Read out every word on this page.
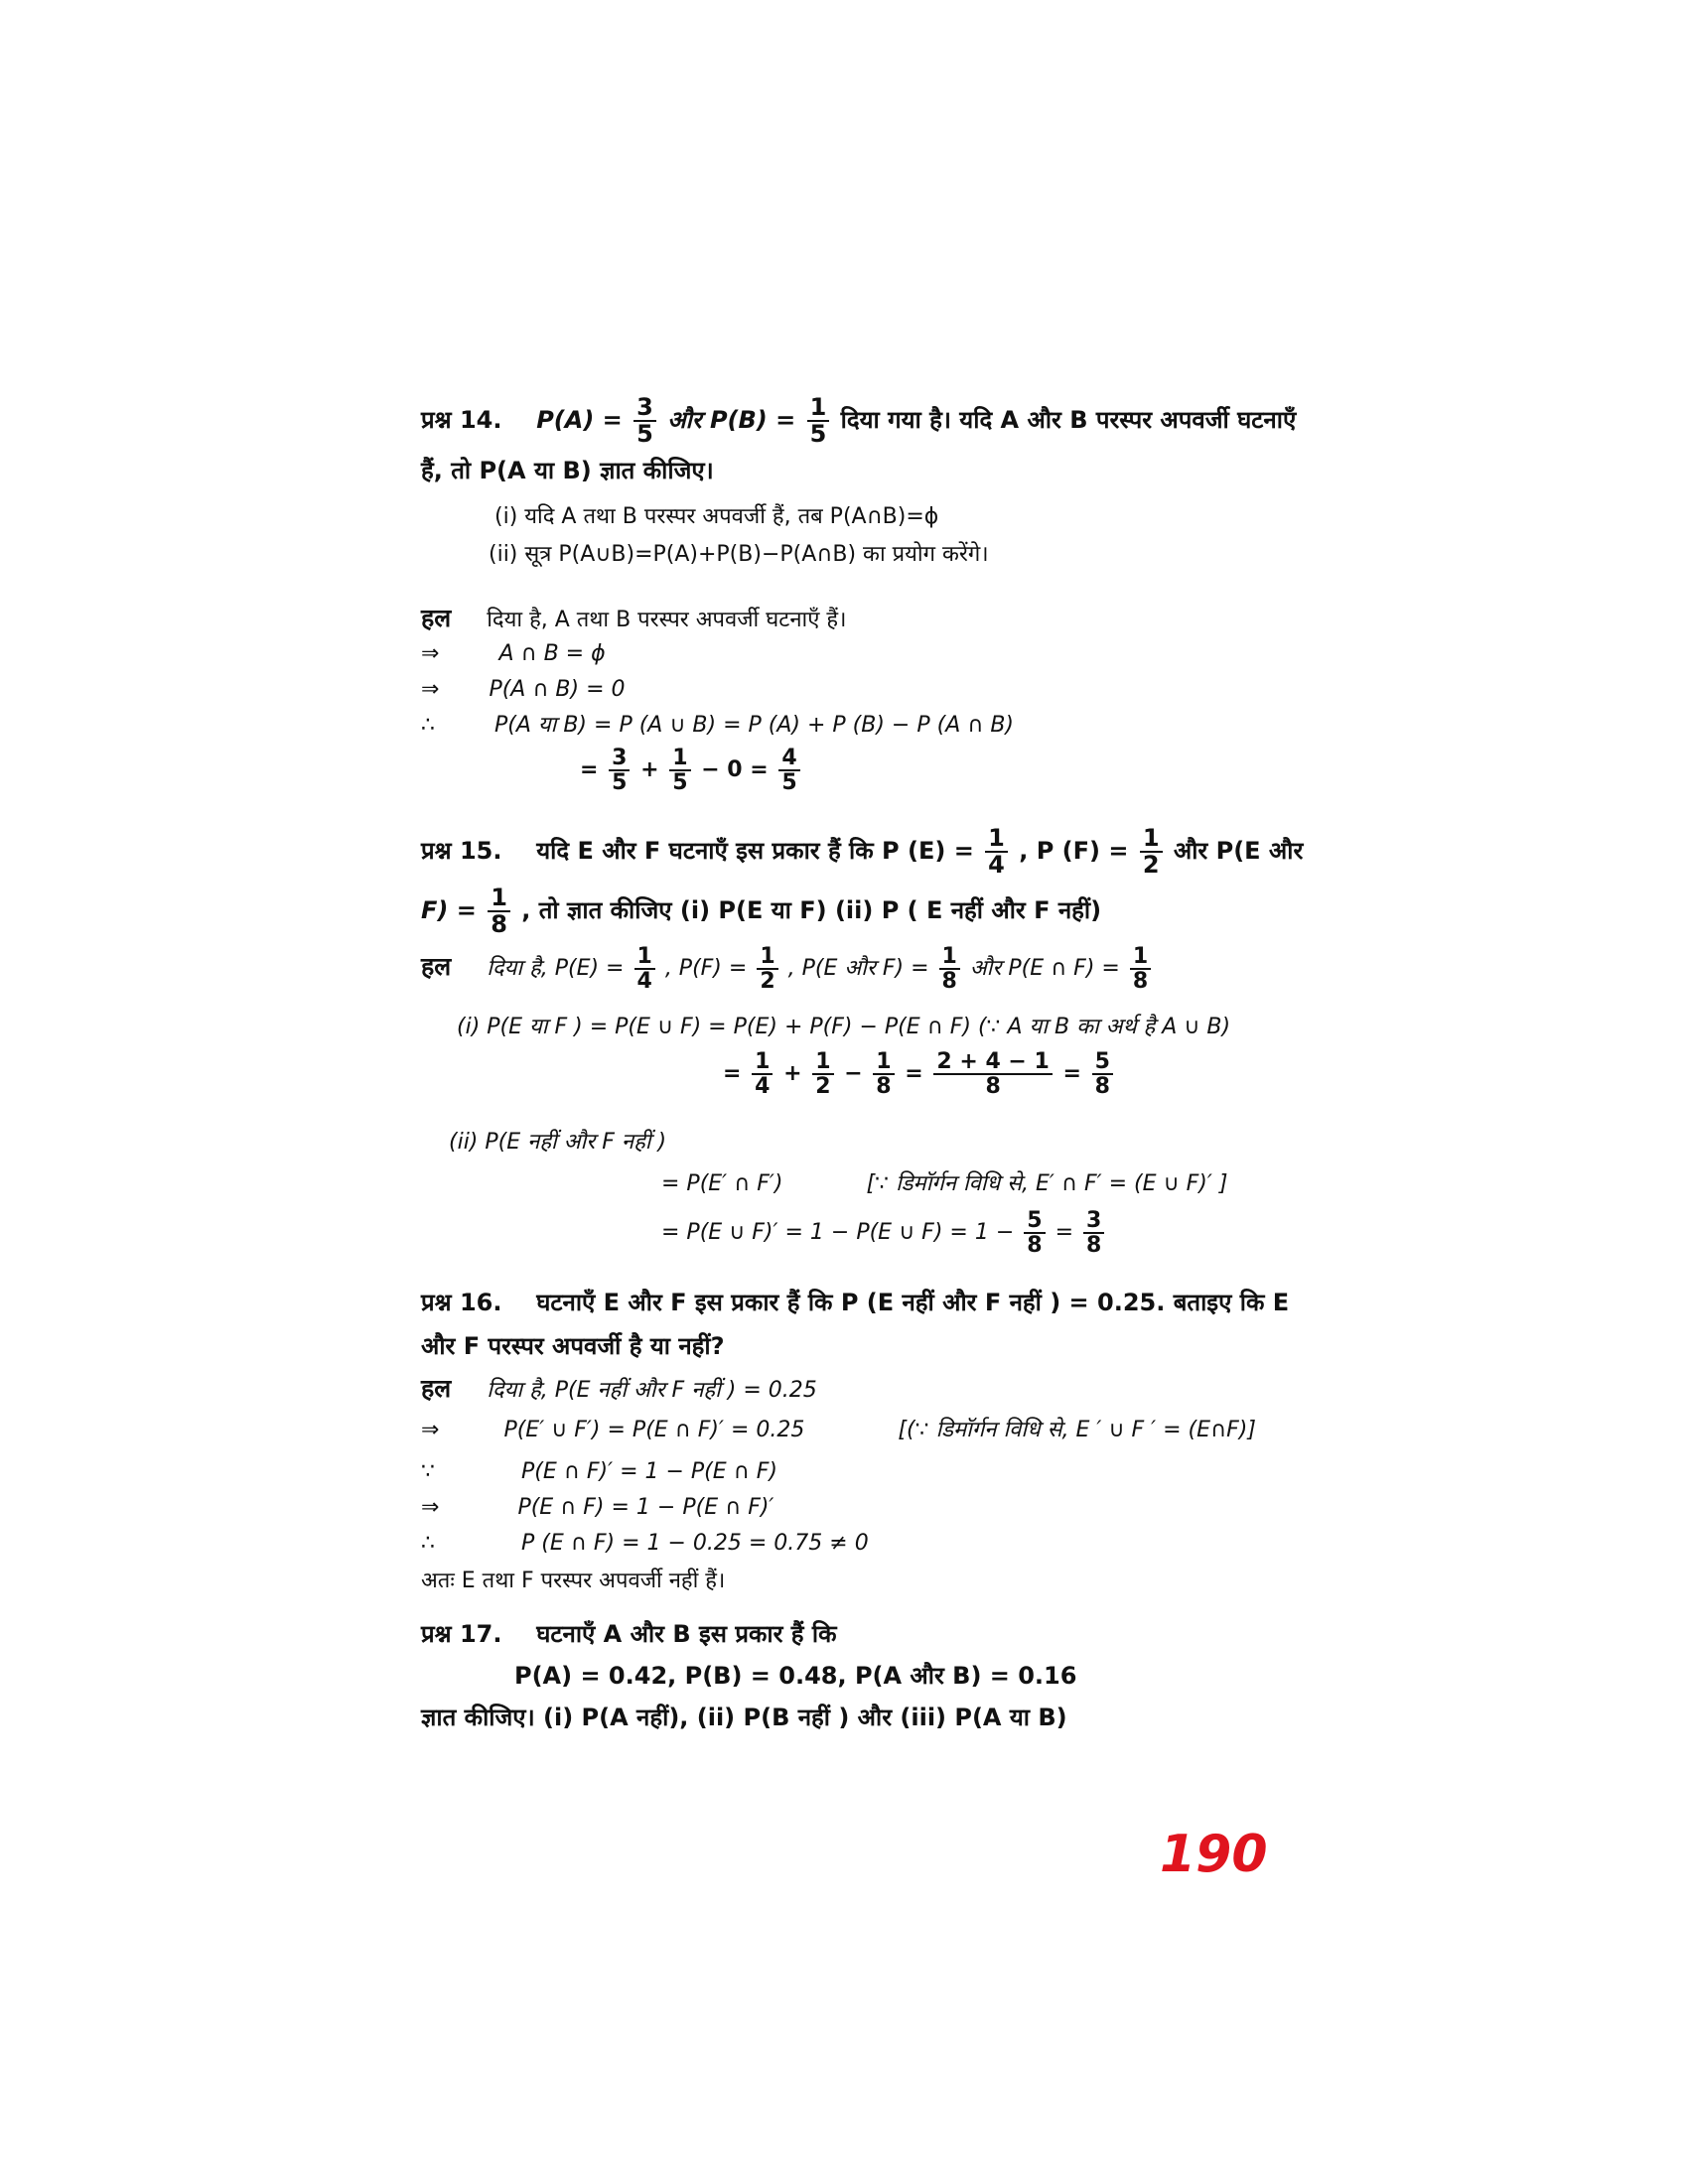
प्रश्न 14. $P(A) = \frac{3}{5}$ और $P(B) = \frac{1}{5}$ दिया गया है। यदि A और B परस्पर अपवर्जी घटनाएँ
हैं, तो P(A या B) ज्ञात कीजिए।
(i) यदि A तथा B परस्पर अपवर्जी हैं, तब P(A∩B)=ϕ
(ii) सूत्र P(A∪B)=P(A)+P(B)−P(A∩B) का प्रयोग करेंगे।
हल दिया है, A तथा B परस्पर अपवर्जी घटनाएँ हैं।
⇒	A ∩ B = ϕ
⇒ P(A ∩ B) = 0
∴	P(A या B) = P (A ∪ B) = P (A) + P (B) − P (A ∩ B)
= $\frac{3}{5} + \frac{1}{5} - 0 = \frac{4}{5}$
प्रश्न 15. यदि E और F घटनाएँ इस प्रकार हैं कि P $(E) = \frac{1}{4}$ , P $(F) = \frac{1}{2}$ और P(E और
$F) = \frac{1}{8}$ , तो ज्ञात कीजिए (i) P(E या F) (ii) P ( E नहीं और F नहीं)
हल दिया है, $P(E) = \frac{1}{4}$ , $P(F) = \frac{1}{2}$ , P(E और $F) = \frac{1}{8}$ और P(E ∩ $F) = \frac{1}{8}$
(i) P(E या F ) = P(E ∪ F) = P(E) + P(F) − P(E ∩ F) (∵ A या B का अर्थ है A ∪ B)
= $\frac{1}{4} + \frac{1}{2} - \frac{1}{8} = \frac{2 + 4 - 1}{8} = \frac{5}{8}$
(ii) P(E नहीं और F नहीं )
= P(E′ ∩ F′)	[∵ डिमॉर्गन विधि से, E′ ∩ F′ = (E ∪ F)′ ]
= P(E ∪ F)′ = 1 − P(E ∪ $F) = 1 - \frac{5}{8} = \frac{3}{8}$
प्रश्न 16. घटनाएँ E और F इस प्रकार हैं कि P (E नहीं और F नहीं ) = 0.25. बताइए कि E
और F परस्पर अपवर्जी है या नहीं?
हल दिया है, P(E नहीं और F नहीं ) = 0.25
⇒	P(E′ ∪ F′) = P(E ∩ F)′ = 0.25	[(∵ डिमॉर्गन विधि से, E ′ ∪ F ′ = (E∩F)]
∵	P(E ∩ F)′ = 1 − P(E ∩ F)
⇒	P(E ∩ F) = 1 − P(E ∩ F)′
∴	P (E ∩ F) = 1 − 0.25 = 0.75 ≠ 0
अतः E तथा F परस्पर अपवर्जी नहीं हैं।
प्रश्न 17. घटनाएँ A और B इस प्रकार हैं कि
P(A) = 0.42, P(B) = 0.48, P(A और B) = 0.16
ज्ञात कीजिए। (i) P(A नहीं), (ii) P(B नहीं ) और (iii) P(A या B)
190
